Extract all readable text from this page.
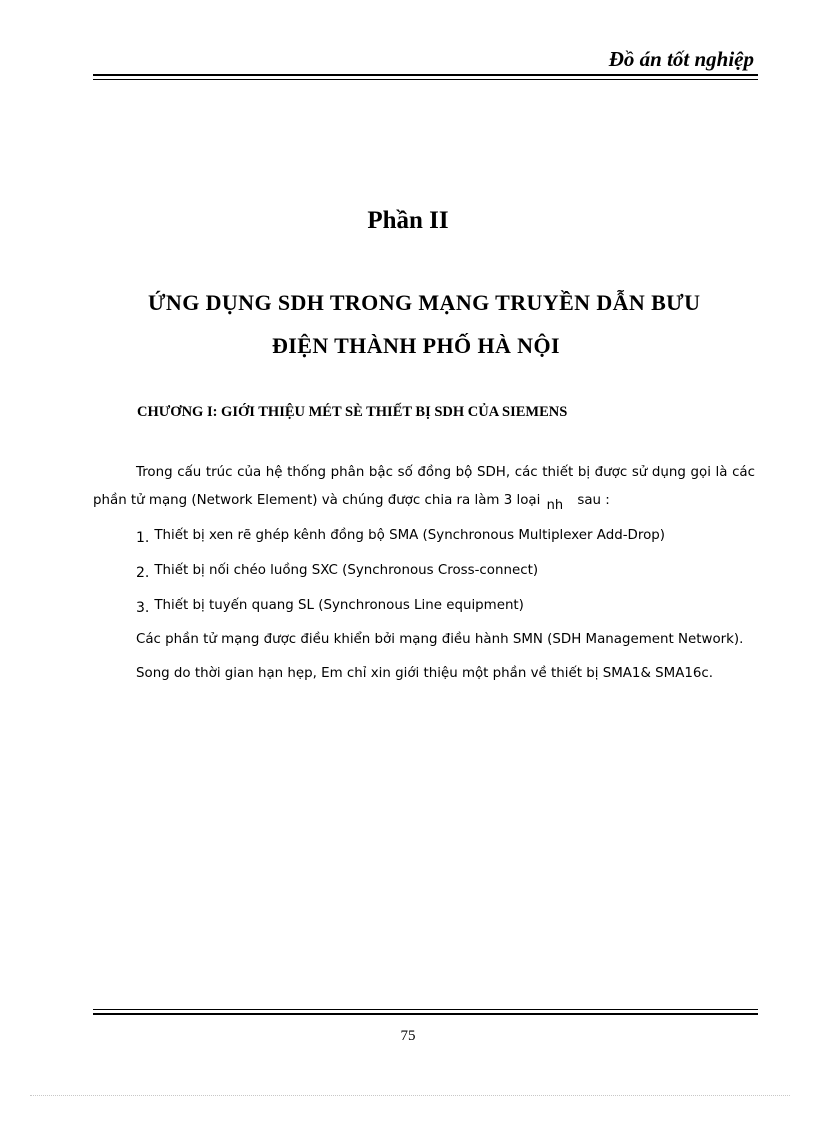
Đồ án tốt nghiệp
Phần II
ỨNG DỤNG SDH TRONG MẠNG TRUYỀN DẪN BƯU
ĐIỆN THÀNH PHỐ HÀ NỘI
CHƯƠNG I: GIỚI THIỆU MÉT SÈ THIẾT BỊ SDH CỦA SIEMENS

Trong cấu trúc của hệ thống phân bậc số đồng bộ SDH, các thiết bị được sử dụng gọi là các phần tử mạng (Network Element) và chúng được chia ra làm 3 loại nh sau :

1. Thiết bị xen rẽ ghép kênh đồng bộ SMA (Synchronous Multiplexer Add-Drop)

2. Thiết bị nối chéo luồng SXC (Synchronous Cross-connect)

3. Thiết bị tuyến quang SL (Synchronous Line equipment)

Các phần tử mạng được điều khiển bởi mạng điều hành SMN (SDH Management Network).

Song do thời gian hạn hẹp, Em chỉ xin giới thiệu một phần về thiết bị SMA1& SMA16c.

75
